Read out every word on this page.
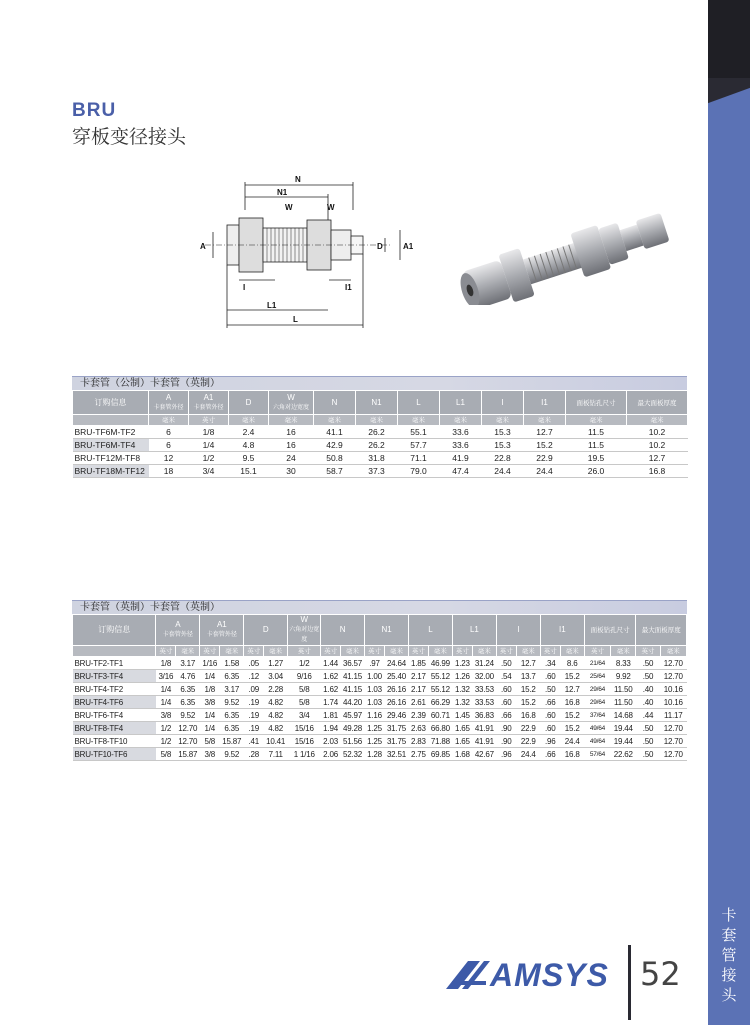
卡
套
管
接
头
BRU
穿板变径接头
N
N1
W	W
A	D	A1
I	I1
L1
L
卡套管（公制）卡套管（英制）
订购信息	A
卡套管外径	A1
卡套管外径	D	W
六角对边宽度	N	N1	L	L1	I	I1	面板钻孔尺寸	最大面板厚度
	毫米	英寸	毫米	毫米	毫米	毫米	毫米	毫米	毫米	毫米	毫米	毫米
BRU-TF6M-TF2	6	1/8	2.4	16	41.1	26.2	55.1	33.6	15.3	12.7	11.5	10.2
BRU-TF6M-TF4	6	1/4	4.8	16	42.9	26.2	57.7	33.6	15.3	15.2	11.5	10.2
BRU-TF12M-TF8	12	1/2	9.5	24	50.8	31.8	71.1	41.9	22.8	22.9	19.5	12.7
BRU-TF18M-TF12	18	3/4	15.1	30	58.7	37.3	79.0	47.4	24.4	24.4	26.0	16.8
卡套管（英制）卡套管（英制）
订购信息	A
卡套管外径		A1
卡套管外径		D		W
六角对边宽度	N		N1		L		L1		I		I1		面板钻孔尺寸		最大面板厚度	
	英寸	毫米	英寸	毫米	英寸	毫米	英寸	英寸	毫米	英寸	毫米	英寸	毫米	英寸	毫米	英寸	毫米	英寸	毫米	英寸	毫米	英寸	毫米
BRU-TF2-TF1	1/8	3.17	1/16	1.58	.05	1.27	1/2	1.44	36.57	.97	24.64	1.85	46.99	1.23	31.24	.50	12.7	.34	8.6	21/64	8.33	.50	12.70
BRU-TF3-TF4	3/16	4.76	1/4	6.35	.12	3.04	9/16	1.62	41.15	1.00	25.40	2.17	55.12	1.26	32.00	.54	13.7	.60	15.2	25/64	9.92	.50	12.70
BRU-TF4-TF2	1/4	6.35	1/8	3.17	.09	2.28	5/8	1.62	41.15	1.03	26.16	2.17	55.12	1.32	33.53	.60	15.2	.50	12.7	29/64	11.50	.40	10.16
BRU-TF4-TF6	1/4	6.35	3/8	9.52	.19	4.82	5/8	1.74	44.20	1.03	26.16	2.61	66.29	1.32	33.53	.60	15.2	.66	16.8	29/64	11.50	.40	10.16
BRU-TF6-TF4	3/8	9.52	1/4	6.35	.19	4.82	3/4	1.81	45.97	1.16	29.46	2.39	60.71	1.45	36.83	.66	16.8	.60	15.2	37/64	14.68	.44	11.17
BRU-TF8-TF4	1/2	12.70	1/4	6.35	.19	4.82	15/16	1.94	49.28	1.25	31.75	2.63	66.80	1.65	41.91	.90	22.9	.60	15.2	49/64	19.44	.50	12.70
BRU-TF8-TF10	1/2	12.70	5/8	15.87	.41	10.41	15/16	2.03	51.56	1.25	31.75	2.83	71.88	1.65	41.91	.90	22.9	.96	24.4	49/64	19.44	.50	12.70
BRU-TF10-TF6	5/8	15.87	3/8	9.52	.28	7.11	1 1/16	2.06	52.32	1.28	32.51	2.75	69.85	1.68	42.67	.96	24.4	.66	16.8	57/64	22.62	.50	12.70
AMSYS 52
